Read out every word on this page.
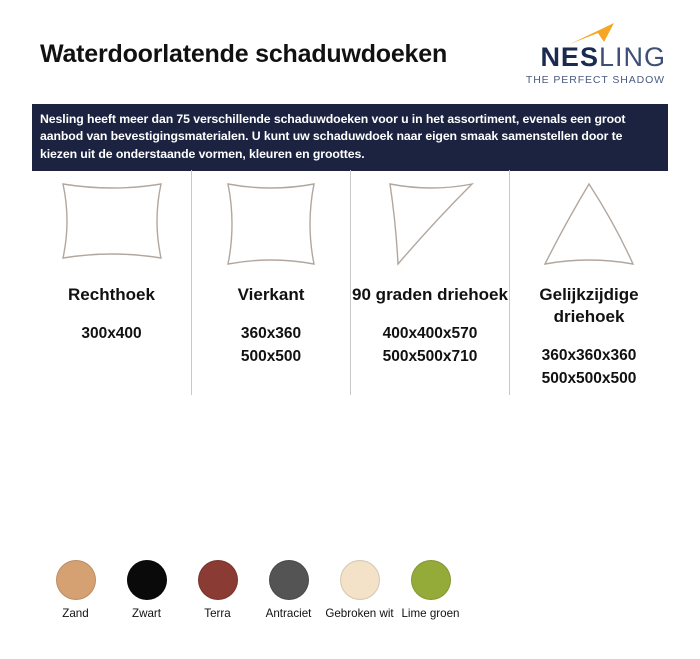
Waterdoorlatende schaduwdoeken	NESLING
THE PERFECT SHADOW

Nesling heeft meer dan 75 verschillende schaduwdoeken voor u in het assortiment, evenals een groot aanbod van bevestigingsmaterialen. U kunt uw schaduwdoek naar eigen smaak samenstellen door te kiezen uit de onderstaande vormen, kleuren en groottes.

Rechthoek
300x400
Vierkant
360x360
500x500
90 graden driehoek
400x400x570
500x500x710
Gelijkzijdige driehoek
360x360x360
500x500x500
Zand	Zwart	Terra	Antraciet	Gebroken wit Lime groen
